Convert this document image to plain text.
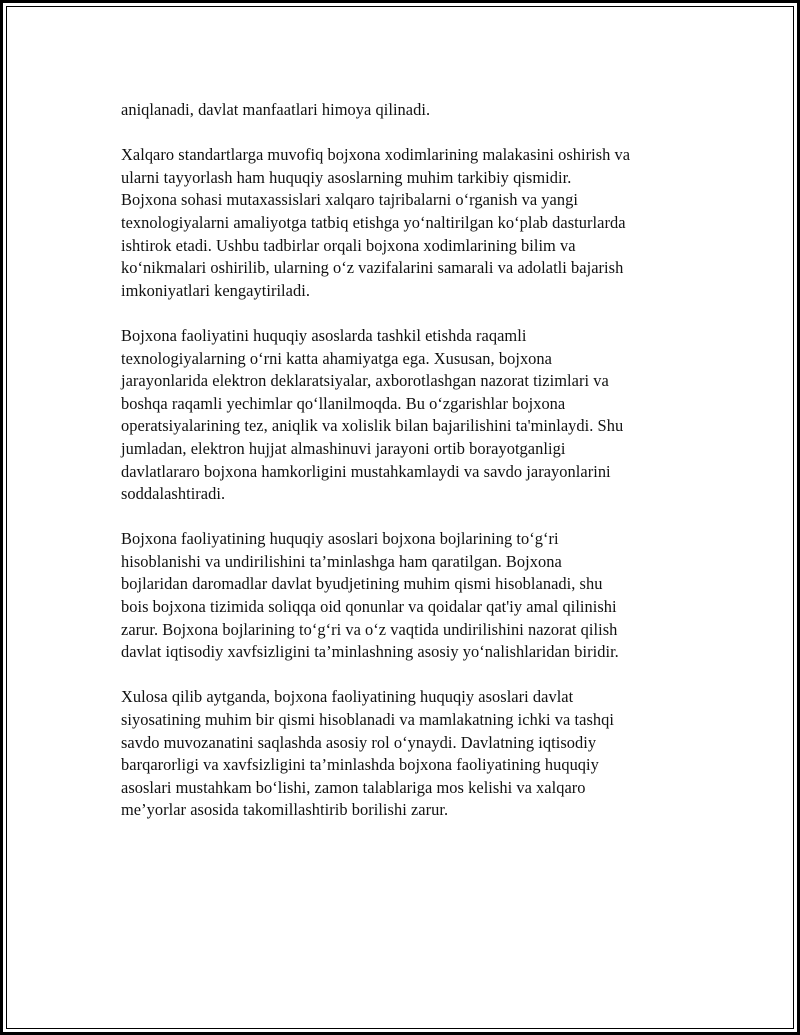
aniqlanadi, davlat manfaatlari himoya qilinadi.

Xalqaro standartlarga muvofiq bojxona xodimlarining malakasini oshirish va
ularni tayyorlash ham huquqiy asoslarning muhim tarkibiy qismidir.
Bojxona sohasi mutaxassislari xalqaro tajribalarni o‘rganish va yangi
texnologiyalarni amaliyotga tatbiq etishga yo‘naltirilgan ko‘plab dasturlarda
ishtirok etadi. Ushbu tadbirlar orqali bojxona xodimlarining bilim va
ko‘nikmalari oshirilib, ularning o‘z vazifalarini samarali va adolatli bajarish
imkoniyatlari kengaytiriladi.

Bojxona faoliyatini huquqiy asoslarda tashkil etishda raqamli
texnologiyalarning o‘rni katta ahamiyatga ega. Xususan, bojxona
jarayonlarida elektron deklaratsiyalar, axborotlashgan nazorat tizimlari va
boshqa raqamli yechimlar qo‘llanilmoqda. Bu o‘zgarishlar bojxona
operatsiyalarining tez, aniqlik va xolislik bilan bajarilishini ta'minlaydi. Shu
jumladan, elektron hujjat almashinuvi jarayoni ortib borayotganligi
davlatlararo bojxona hamkorligini mustahkamlaydi va savdo jarayonlarini
soddalashtiradi.

Bojxona faoliyatining huquqiy asoslari bojxona bojlarining to‘g‘ri
hisoblanishi va undirilishini ta’minlashga ham qaratilgan. Bojxona
bojlaridan daromadlar davlat byudjetining muhim qismi hisoblanadi, shu
bois bojxona tizimida soliqqa oid qonunlar va qoidalar qat'iy amal qilinishi
zarur. Bojxona bojlarining to‘g‘ri va o‘z vaqtida undirilishini nazorat qilish
davlat iqtisodiy xavfsizligini ta’minlashning asosiy yo‘nalishlaridan biridir.

Xulosa qilib aytganda, bojxona faoliyatining huquqiy asoslari davlat
siyosatining muhim bir qismi hisoblanadi va mamlakatning ichki va tashqi
savdo muvozanatini saqlashda asosiy rol o‘ynaydi. Davlatning iqtisodiy
barqarorligi va xavfsizligini ta’minlashda bojxona faoliyatining huquqiy
asoslari mustahkam bo‘lishi, zamon talablariga mos kelishi va xalqaro
me’yorlar asosida takomillashtirib borilishi zarur.
